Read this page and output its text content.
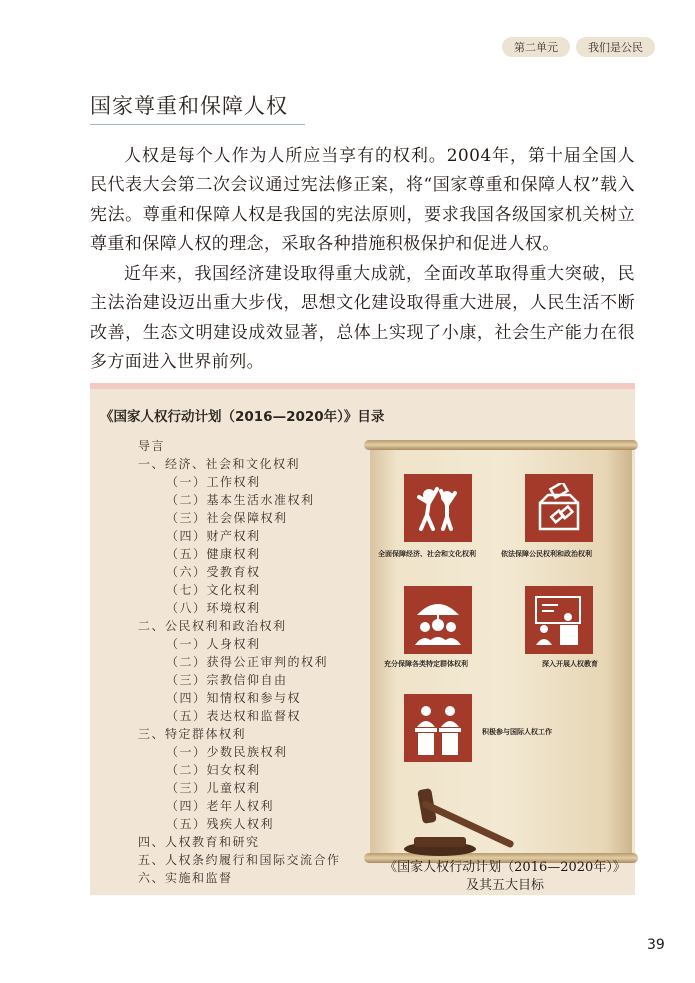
第二单元	我们是公民
国家尊重和保障人权

人权是每个人作为人所应当享有的权利。2004年，第十届全国人民代表大会第二次会议通过宪法修正案，将“国家尊重和保障人权”载入宪法。尊重和保障人权是我国的宪法原则，要求我国各级国家机关树立尊重和保障人权的理念，采取各种措施积极保护和促进人权。

近年来，我国经济建设取得重大成就，全面改革取得重大突破，民主法治建设迈出重大步伐，思想文化建设取得重大进展，人民生活不断改善，生态文明建设成效显著，总体上实现了小康，社会生产能力在很多方面进入世界前列。

《国家人权行动计划（2016—2020年）》目录
导言
一、经济、社会和文化权利
（一）工作权利
（二）基本生活水准权利
（三）社会保障权利
（四）财产权利
（五）健康权利
（六）受教育权
（七）文化权利
（八）环境权利
二、公民权利和政治权利
（一）人身权利
（二）获得公正审判的权利
（三）宗教信仰自由
（四）知情权和参与权
（五）表达权和监督权
三、特定群体权利
（一）少数民族权利
（二）妇女权利
（三）儿童权利
（四）老年人权利
（五）残疾人权利
四、人权教育和研究
五、人权条约履行和国际交流合作
六、实施和监督
全面保障经济、社会和文化权利	依法保障公民权利和政治权利
充分保障各类特定群体权利	深入开展人权教育
积极参与国际人权工作
《国家人权行动计划（2016—2020年）》
及其五大目标
39
